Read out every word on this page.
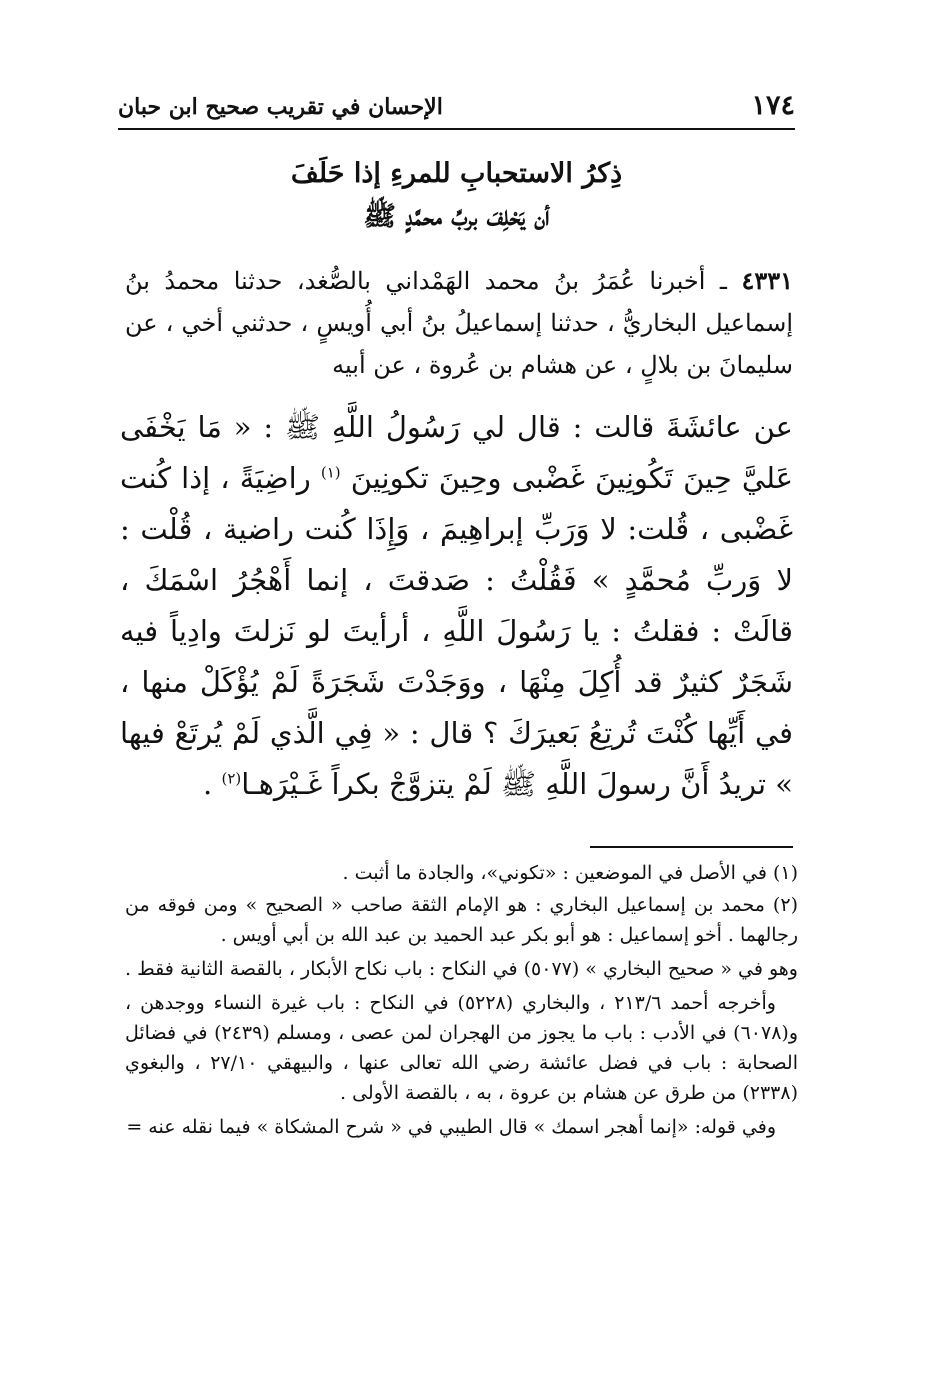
١٧٤
الإحسان في تقريب صحيح ابن حبان
ذِكرُ الاستحبابِ للمرءِ إذا حَلَفَ
أن يَحْلِفَ بربِّ محمَّدٍ ﷺ

٤٣٣١ ـ أخبرنا عُمَرُ بنُ محمد الهَمْداني بالصُّغد، حدثنا محمدُ بنُ إسماعيل البخاريُّ ، حدثنا إسماعيلُ بنُ أبي أُويسٍ ، حدثني أخي ، عن سليمانَ بن بلالٍ ، عن هشام بن عُروة ، عن أبيه

عن عائشَةَ قالت : قال لي رَسُولُ اللَّهِ ﷺ : « مَا يَخْفَى عَليَّ حِينَ تَكُونِينَ غَضْبى وحِينَ تكونِينَ $^{(١)}$ راضِيَةً ، إذا كُنت غَضْبى ، قُلت: لا وَرَبِّ إبراهِيمَ ، وَإِذَا كُنت راضية ، قُلْت : لا وَربِّ مُحمَّدٍ » فَقُلْتُ : صَدقتَ ، إنما أَهْجُرُ اسْمَكَ ، قالَتْ : فقلتُ : يا رَسُولَ اللَّهِ ، أرأيتَ لو نَزلتَ وادِياً فيه شَجَرٌ كثيرٌ قد أُكِلَ مِنْهَا ، ووَجَدْتَ شَجَرَةً لَمْ يُؤْكَلْ منها ، في أَيِّها كُنْتَ تُرتِعُ بَعيرَكَ ؟ قال : « فِي الَّذي لَمْ يُرتَعْ فيها » تريدُ أَنَّ رسولَ اللَّهِ ﷺ لَمْ يتزوَّجْ بكراً غَـيْرَهـا$^{(٢)}$ .

(١) في الأصل في الموضعين : «تكوني»، والجادة ما أثبت .

(٢) محمد بن إسماعيل البخاري : هو الإمام الثقة صاحب « الصحيح » ومن فوقه من رجالهما . أخو إسماعيل : هو أبو بكر عبد الحميد بن عبد الله بن أبي أويس .

وهو في « صحيح البخاري » (٥٠٧٧) في النكاح : باب نكاح الأبكار ، بالقصة الثانية فقط .

وأخرجه أحمد ٢١٣/٦ ، والبخاري (٥٢٢٨) في النكاح : باب غيرة النساء ووجدهن ، و(٦٠٧٨) في الأدب : باب ما يجوز من الهجران لمن عصى ، ومسلم (٢٤٣٩) في فضائل الصحابة : باب في فضل عائشة رضي الله تعالى عنها ، والبيهقي ٢٧/١٠ ، والبغوي (٢٣٣٨) من طرق عن هشام بن عروة ، به ، بالقصة الأولى .

وفي قوله: «إنما أهجر اسمك » قال الطيبي في « شرح المشكاة » فيما نقله عنه =
